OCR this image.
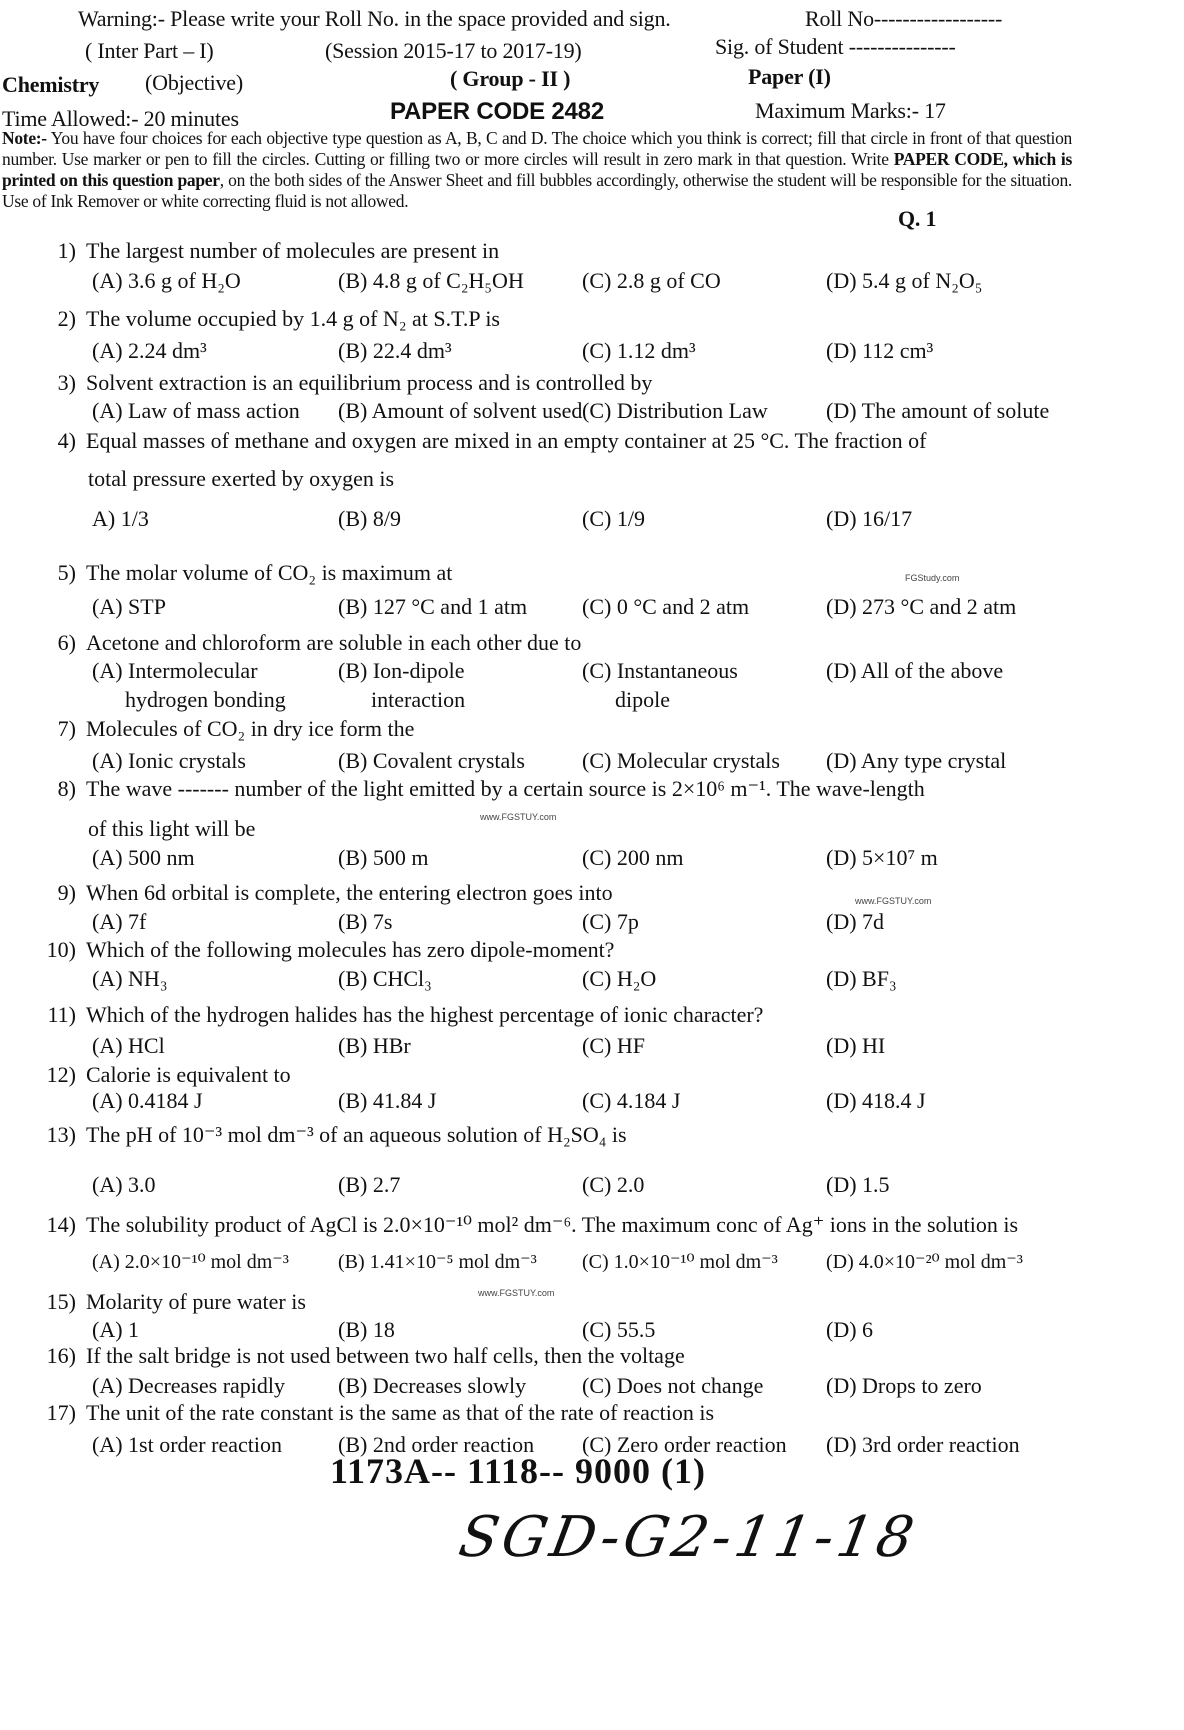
Warning:- Please write your Roll No. in the space provided and sign.	Roll No------------------
( Inter Part – I)	(Session 2015-17 to 2017-19)	Sig. of Student ---------------
Chemistry (Objective)	( Group - II )	Paper (I)
Time Allowed:- 20 minutes	PAPER CODE 2482	Maximum Marks:- 17
Note:- You have four choices for each objective type question as A, B, C and D. The choice which you think is correct; fill that circle in front of that question number. Use marker or pen to fill the circles. Cutting or filling two or more circles will result in zero mark in that question. Write PAPER CODE, which is printed on this question paper, on the both sides of the Answer Sheet and fill bubbles accordingly, otherwise the student will be responsible for the situation. Use of Ink Remover or white correcting fluid is not allowed.
Q. 1
1) The largest number of molecules are present in
(A) 3.6 g of H₂O	(B) 4.8 g of C₂H₅OH	(C) 2.8 g of CO	(D) 5.4 g of N₂O₅
2) The volume occupied by 1.4 g of N₂ at S.T.P is
(A) 2.24 dm³	(B) 22.4 dm³	(C) 1.12 dm³	(D) 112 cm³
3) Solvent extraction is an equilibrium process and is controlled by
(A) Law of mass action (B) Amount of solvent used (C) Distribution Law	(D) The amount of solute
4) Equal masses of methane and oxygen are mixed in an empty container at 25 °C. The fraction of
total pressure exerted by oxygen is
A) 1/3	(B) 8/9	(C) 1/9	(D) 16/17
5) The molar volume of CO₂ is maximum at
(A) STP	(B) 127 °C and 1 atm (C) 0 °C and 2 atm	(D) 273 °C and 2 atm
6) Acetone and chloroform are soluble in each other due to
(A) Intermolecular
hydrogen bonding
(B) Ion-dipole
interaction
(C) Instantaneous
dipole
(D) All of the above
7) Molecules of CO₂ in dry ice form the
(A) Ionic crystals	(B) Covalent crystals	(C) Molecular crystals (D) Any type crystal
8) The wave ------- number of the light emitted by a certain source is 2×10⁶ m⁻¹. The wave-length
of this light will be
(A) 500 nm	(B) 500 m	(C) 200 nm	(D) 5×10⁷ m
9) When 6d orbital is complete, the entering electron goes into
(A) 7f	(B) 7s	(C) 7p	(D) 7d
10) Which of the following molecules has zero dipole-moment?
(A) NH₃	(B) CHCl₃	(C) H₂O	(D) BF₃
11) Which of the hydrogen halides has the highest percentage of ionic character?
(A) HCl	(B) HBr	(C) HF	(D) HI
12) Calorie is equivalent to
(A) 0.4184 J	(B) 41.84 J	(C) 4.184 J	(D) 418.4 J
13) The pH of 10⁻³ mol dm⁻³ of an aqueous solution of H₂SO₄ is
(A) 3.0	(B) 2.7	(C) 2.0	(D) 1.5
14) The solubility product of AgCl is 2.0×10⁻¹⁰ mol² dm⁻⁶. The maximum conc of Ag⁺ ions in the solution is
(A) 2.0×10⁻¹⁰ mol dm⁻³ (B) 1.41×10⁻⁵ mol dm⁻³ (C) 1.0×10⁻¹⁰ mol dm⁻³ (D) 4.0×10⁻²⁰ mol dm⁻³
15) Molarity of pure water is
(A) 1	(B) 18	(C) 55.5	(D) 6
16) If the salt bridge is not used between two half cells, then the voltage
(A) Decreases rapidly (B) Decreases slowly	(C) Does not change	(D) Drops to zero
17) The unit of the rate constant is the same as that of the rate of reaction is
(A) 1st order reaction	(B) 2nd order reaction (C) Zero order reaction (D) 3rd order reaction
FGStudy.com
www.FGSTUY.com
www.FGSTUY.com
www.FGSTUY.com
1173A-- 1118-- 9000 (1)
SGD-G2-11-18
